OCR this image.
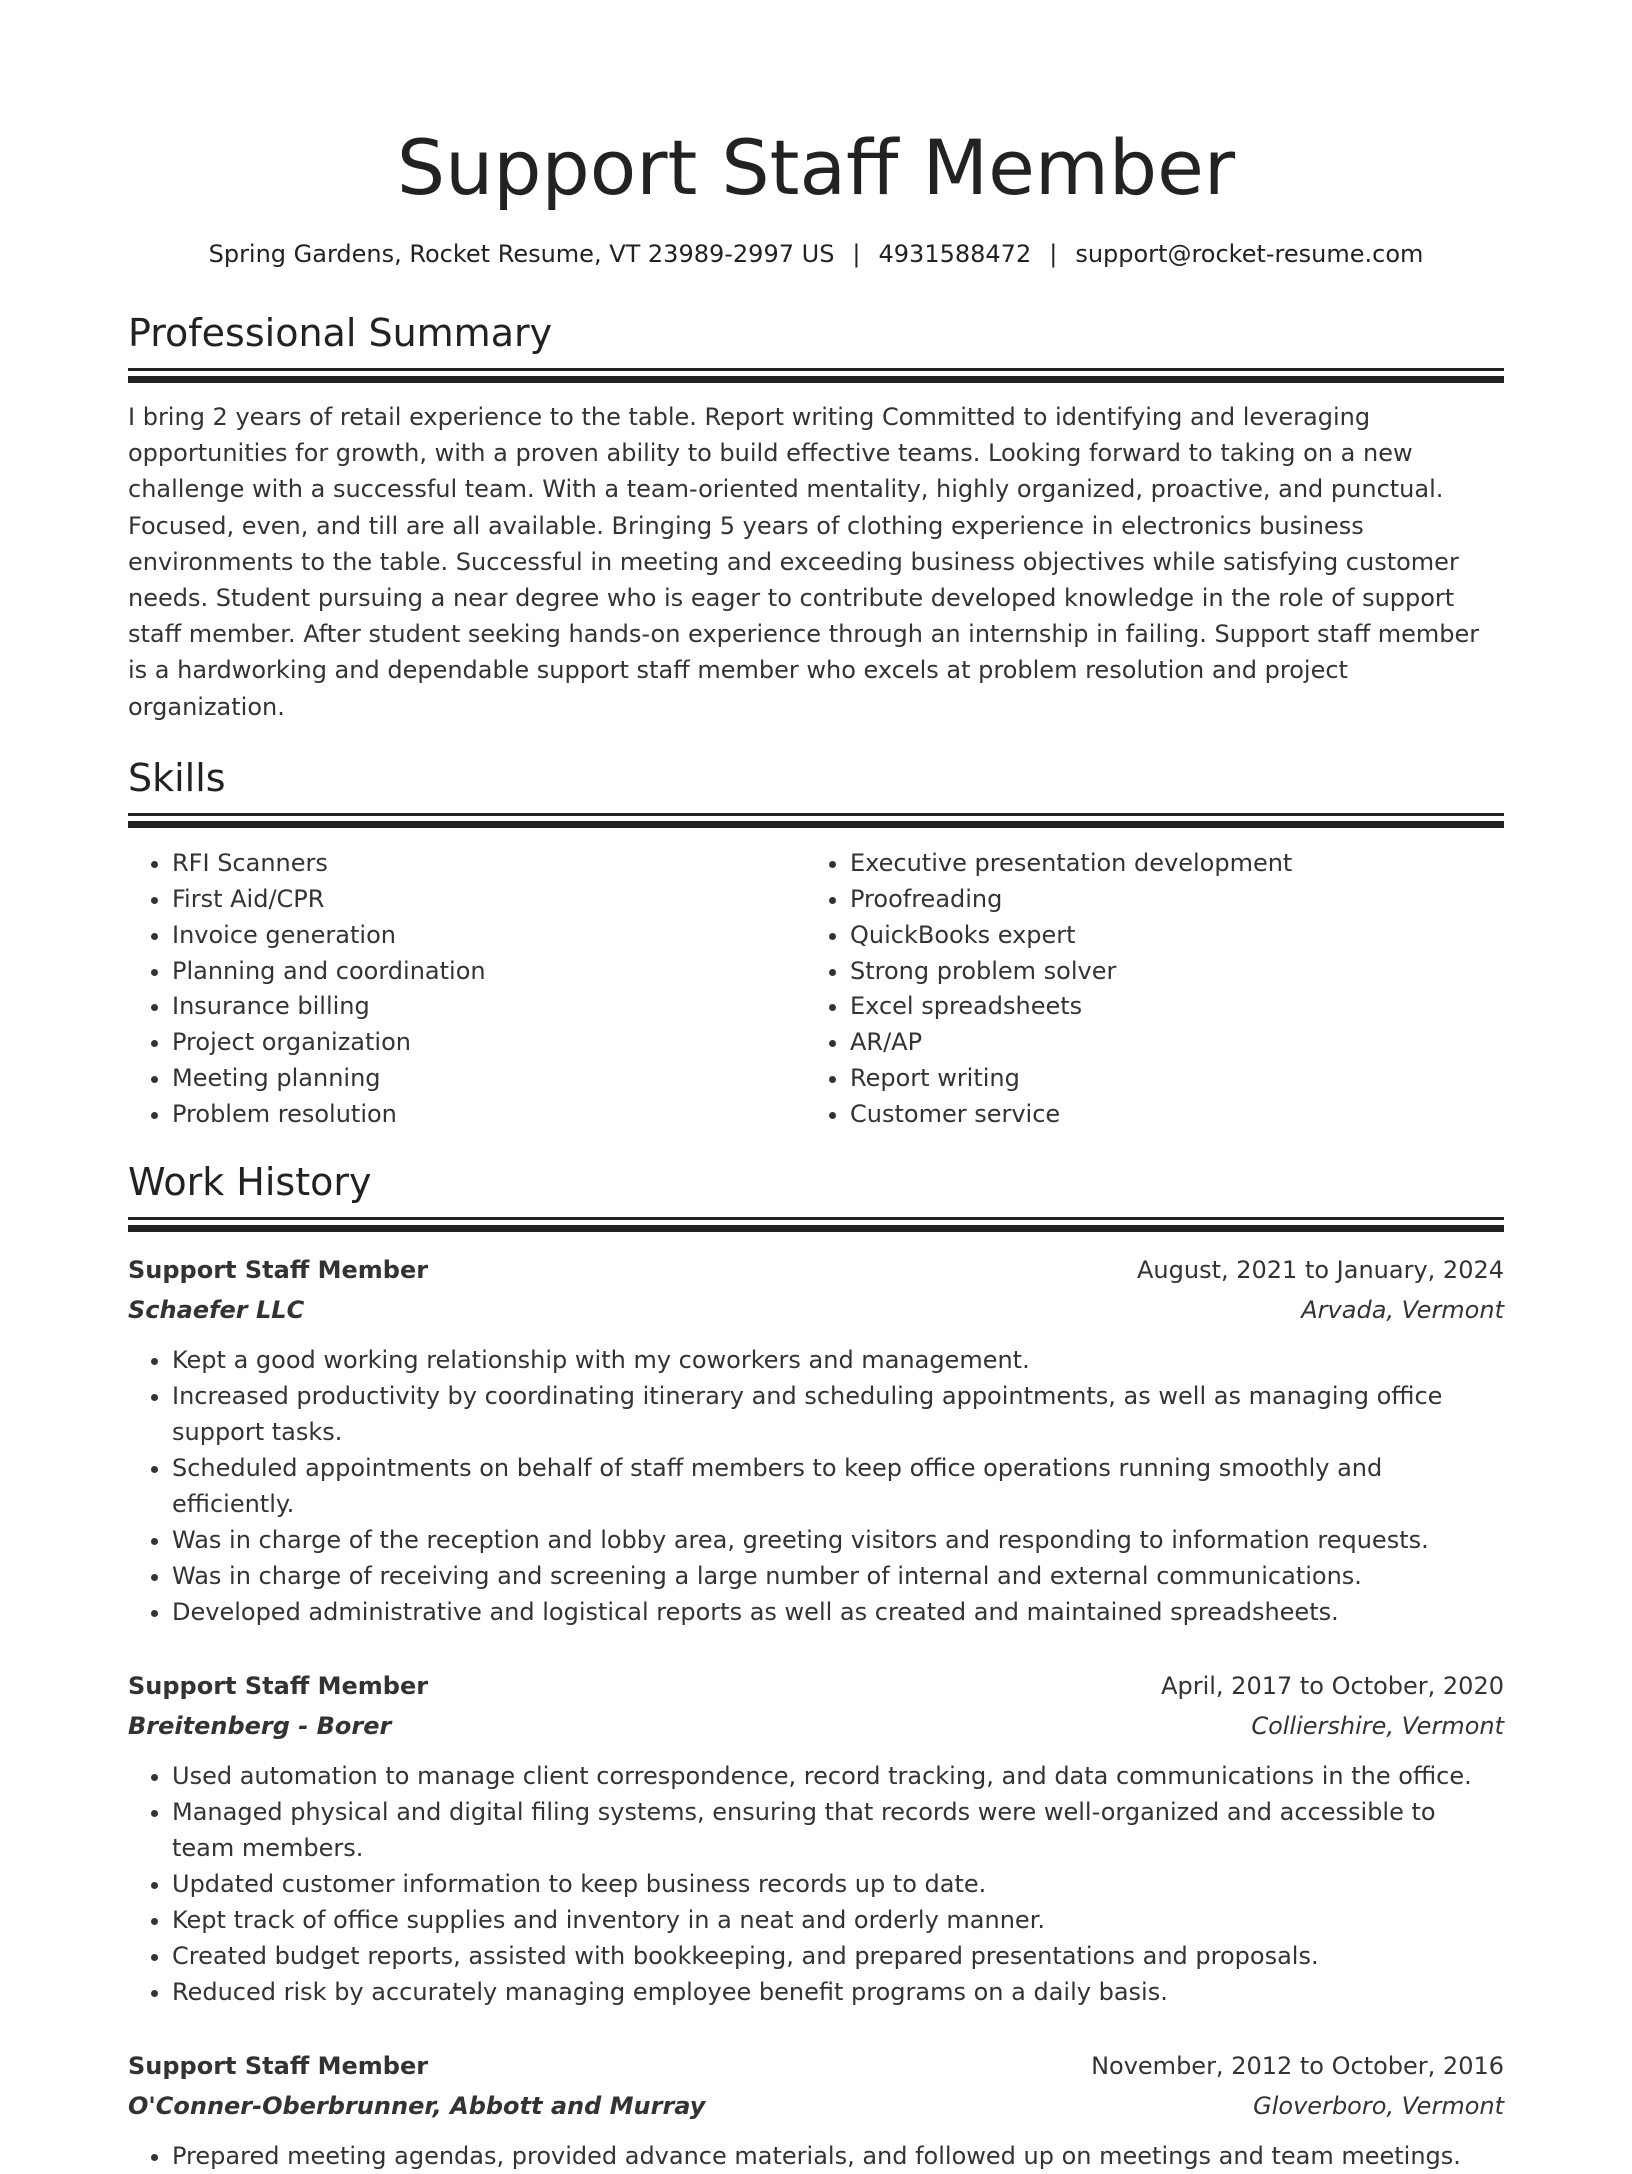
Support Staff Member
Spring Gardens, Rocket Resume, VT 23989-2997 US | 4931588472 | support@rocket-resume.com
Professional Summary

I bring 2 years of retail experience to the table. Report writing Committed to identifying and leveraging opportunities for growth, with a proven ability to build effective teams. Looking forward to taking on a new challenge with a successful team. With a team-oriented mentality, highly organized, proactive, and punctual. Focused, even, and till are all available. Bringing 5 years of clothing experience in electronics business environments to the table. Successful in meeting and exceeding business objectives while satisfying customer needs. Student pursuing a near degree who is eager to contribute developed knowledge in the role of support staff member. After student seeking hands-on experience through an internship in failing. Support staff member is a hardworking and dependable support staff member who excels at problem resolution and project organization.

Skills
• RFI Scanners
• First Aid/CPR
• Invoice generation
• Planning and coordination
• Insurance billing
• Project organization
• Meeting planning
• Problem resolution
• Executive presentation development
• Proofreading
• QuickBooks expert
• Strong problem solver
• Excel spreadsheets
• AR/AP
• Report writing
• Customer service
Work History
Support Staff Member	August, 2021 to January, 2024
Schaefer LLC	Arvada, Vermont
• Kept a good working relationship with my coworkers and management.
• Increased productivity by coordinating itinerary and scheduling appointments, as well as managing office support tasks.
• Scheduled appointments on behalf of staff members to keep office operations running smoothly and efficiently.
• Was in charge of the reception and lobby area, greeting visitors and responding to information requests.
• Was in charge of receiving and screening a large number of internal and external communications.
• Developed administrative and logistical reports as well as created and maintained spreadsheets.
Support Staff Member	April, 2017 to October, 2020
Breitenberg - Borer	Colliershire, Vermont
• Used automation to manage client correspondence, record tracking, and data communications in the office.
• Managed physical and digital filing systems, ensuring that records were well-organized and accessible to team members.
• Updated customer information to keep business records up to date.
• Kept track of office supplies and inventory in a neat and orderly manner.
• Created budget reports, assisted with bookkeeping, and prepared presentations and proposals.
• Reduced risk by accurately managing employee benefit programs on a daily basis.
Support Staff Member	November, 2012 to October, 2016
O'Conner-Oberbrunner, Abbott and Murray	Gloverboro, Vermont
• Prepared meeting agendas, provided advance materials, and followed up on meetings and team meetings.
